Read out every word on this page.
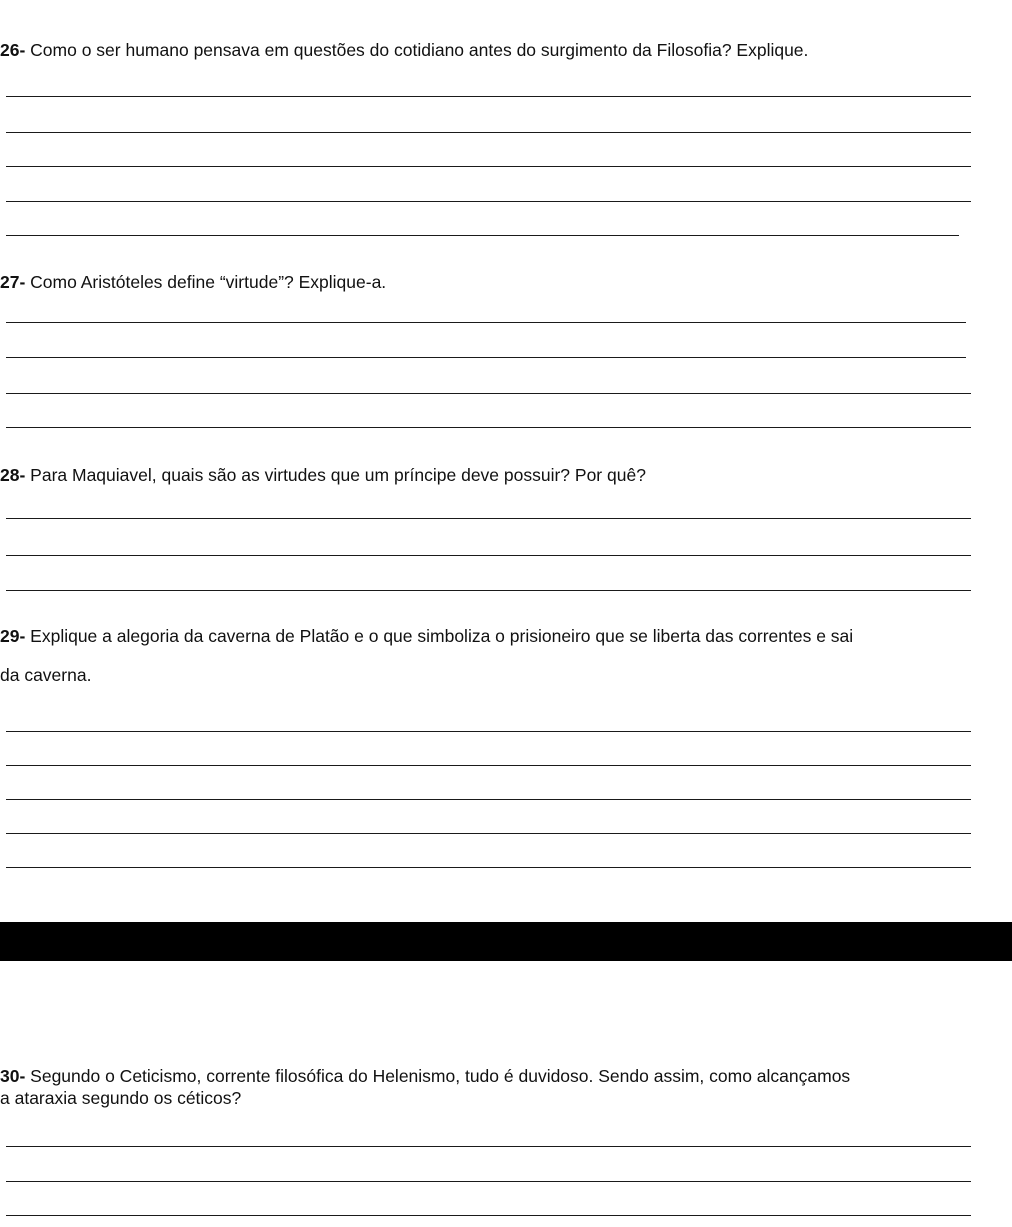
26- Como o ser humano pensava em questões do cotidiano antes do surgimento da Filosofia? Explique.
27- Como Aristóteles define “virtude”? Explique-a.
28- Para Maquiavel, quais são as virtudes que um príncipe deve possuir? Por quê?
29- Explique a alegoria da caverna de Platão e o que simboliza o prisioneiro que se liberta das correntes e sai
da caverna.
30- Segundo o Ceticismo, corrente filosófica do Helenismo, tudo é duvidoso. Sendo assim, como alcançamos
a ataraxia segundo os céticos?
